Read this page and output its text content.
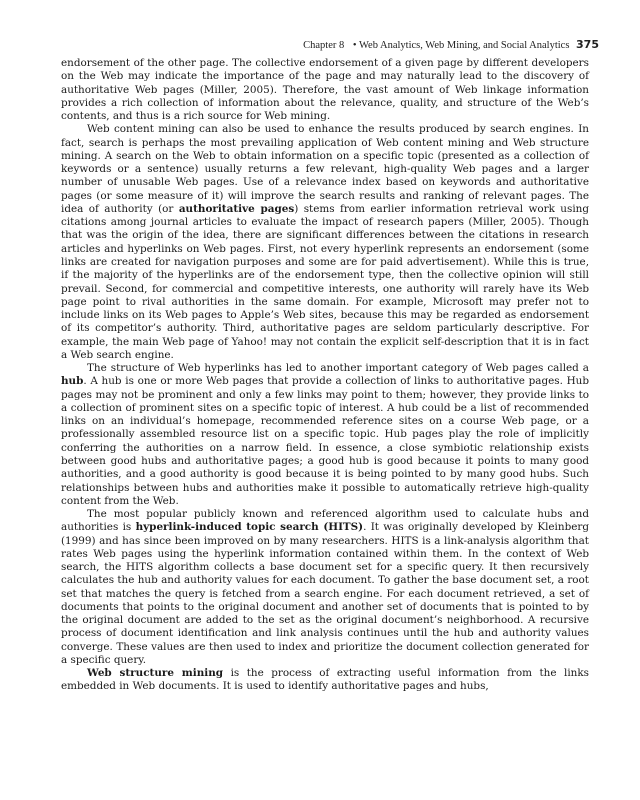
Chapter 8 • Web Analytics, Web Mining, and Social Analytics 375

endorsement of the other page. The collective endorsement of a given page by different developers on the Web may indicate the importance of the page and may naturally lead to the discovery of authoritative Web pages (Miller, 2005). Therefore, the vast amount of Web linkage information provides a rich collection of information about the relevance, quality, and structure of the Web’s contents, and thus is a rich source for Web mining.

Web content mining can also be used to enhance the results produced by search engines. In fact, search is perhaps the most prevailing application of Web content mining and Web structure mining. A search on the Web to obtain information on a specific topic (presented as a collection of keywords or a sentence) usually returns a few relevant, high-quality Web pages and a larger number of unusable Web pages. Use of a relevance index based on keywords and authoritative pages (or some measure of it) will improve the search results and ranking of relevant pages. The idea of authority (or authoritative pages) stems from earlier information retrieval work using citations among journal articles to evaluate the impact of research papers (Miller, 2005). Though that was the origin of the idea, there are significant differences between the citations in research articles and hyperlinks on Web pages. First, not every hyperlink represents an endorsement (some links are created for navigation purposes and some are for paid advertisement). While this is true, if the majority of the hyperlinks are of the endorsement type, then the collective opinion will still prevail. Second, for commercial and competitive interests, one authority will rarely have its Web page point to rival authorities in the same domain. For example, Microsoft may prefer not to include links on its Web pages to Apple’s Web sites, because this may be regarded as endorsement of its competitor’s authority. Third, authoritative pages are seldom particularly descriptive. For example, the main Web page of Yahoo! may not contain the explicit self-description that it is in fact a Web search engine.

The structure of Web hyperlinks has led to another important category of Web pages called a hub. A hub is one or more Web pages that provide a collection of links to authoritative pages. Hub pages may not be prominent and only a few links may point to them; however, they provide links to a collection of prominent sites on a specific topic of interest. A hub could be a list of recommended links on an individual’s homepage, recommended reference sites on a course Web page, or a professionally assembled resource list on a specific topic. Hub pages play the role of implicitly conferring the authorities on a narrow field. In essence, a close symbiotic relationship exists between good hubs and authoritative pages; a good hub is good because it points to many good authorities, and a good authority is good because it is being pointed to by many good hubs. Such relationships between hubs and authorities make it possible to automatically retrieve high-quality content from the Web.

The most popular publicly known and referenced algorithm used to calculate hubs and authorities is hyperlink-induced topic search (HITS). It was originally developed by Kleinberg (1999) and has since been improved on by many researchers. HITS is a link-analysis algorithm that rates Web pages using the hyperlink information contained within them. In the context of Web search, the HITS algorithm collects a base document set for a specific query. It then recursively calculates the hub and authority values for each document. To gather the base document set, a root set that matches the query is fetched from a search engine. For each document retrieved, a set of documents that points to the original document and another set of documents that is pointed to by the original document are added to the set as the original document’s neighborhood. A recursive process of document identification and link analysis continues until the hub and authority values converge. These values are then used to index and prioritize the document collection generated for a specific query.

Web structure mining is the process of extracting useful information from the links embedded in Web documents. It is used to identify authoritative pages and hubs,
